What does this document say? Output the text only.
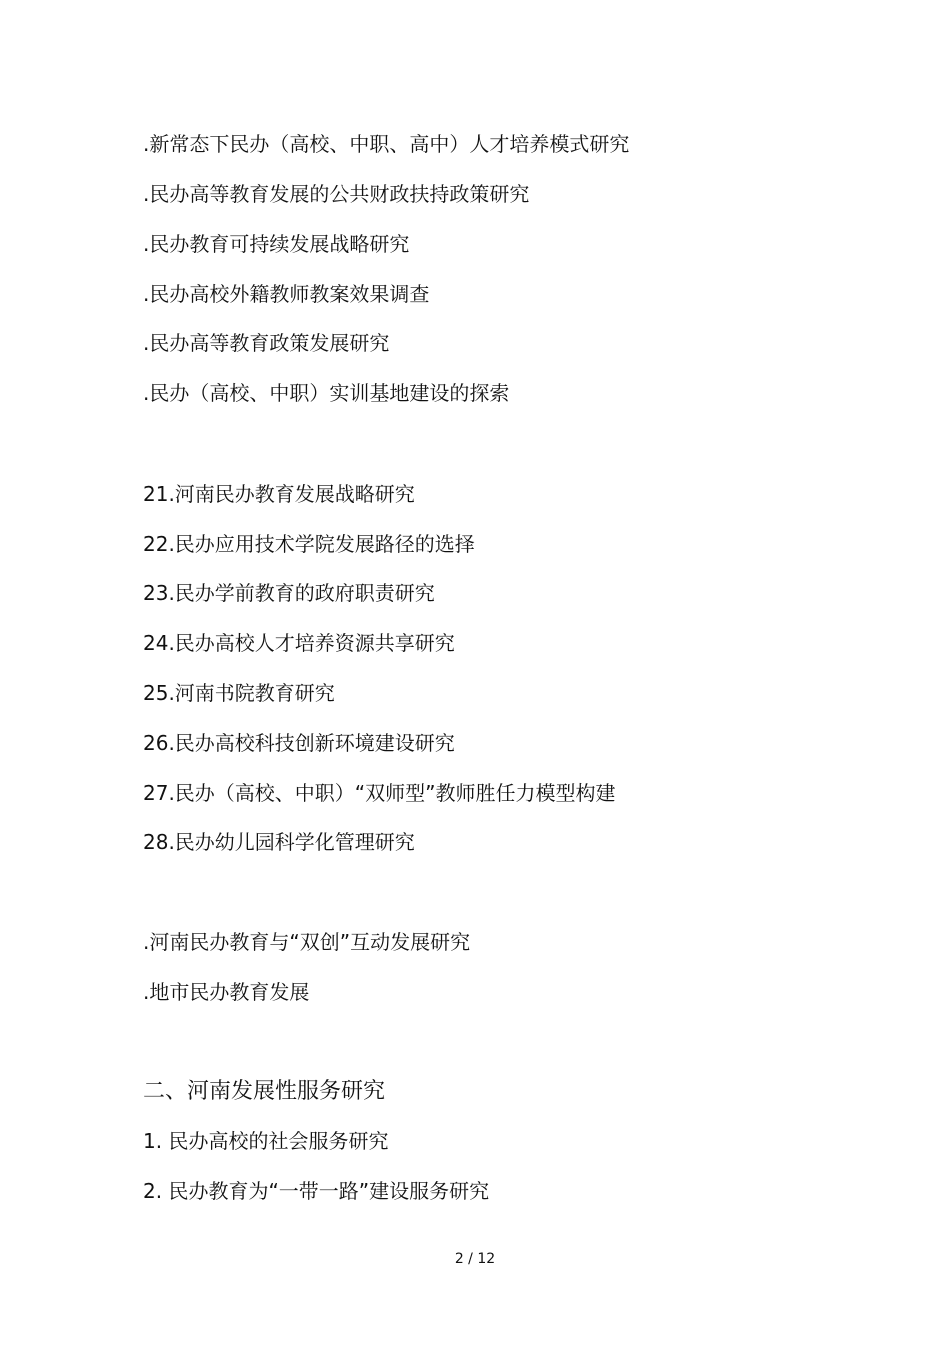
.新常态下民办（高校、中职、高中）人才培养模式研究
.民办高等教育发展的公共财政扶持政策研究
.民办教育可持续发展战略研究
.民办高校外籍教师教案效果调查
.民办高等教育政策发展研究
.民办（高校、中职）实训基地建设的探索
21.河南民办教育发展战略研究
22.民办应用技术学院发展路径的选择
23.民办学前教育的政府职责研究
24.民办高校人才培养资源共享研究
25.河南书院教育研究
26.民办高校科技创新环境建设研究
27.民办（高校、中职）“双师型”教师胜任力模型构建
28.民办幼儿园科学化管理研究
.河南民办教育与“双创”互动发展研究
.地市民办教育发展
二、河南发展性服务研究
1. 民办高校的社会服务研究
2. 民办教育为“一带一路”建设服务研究
2 / 12
